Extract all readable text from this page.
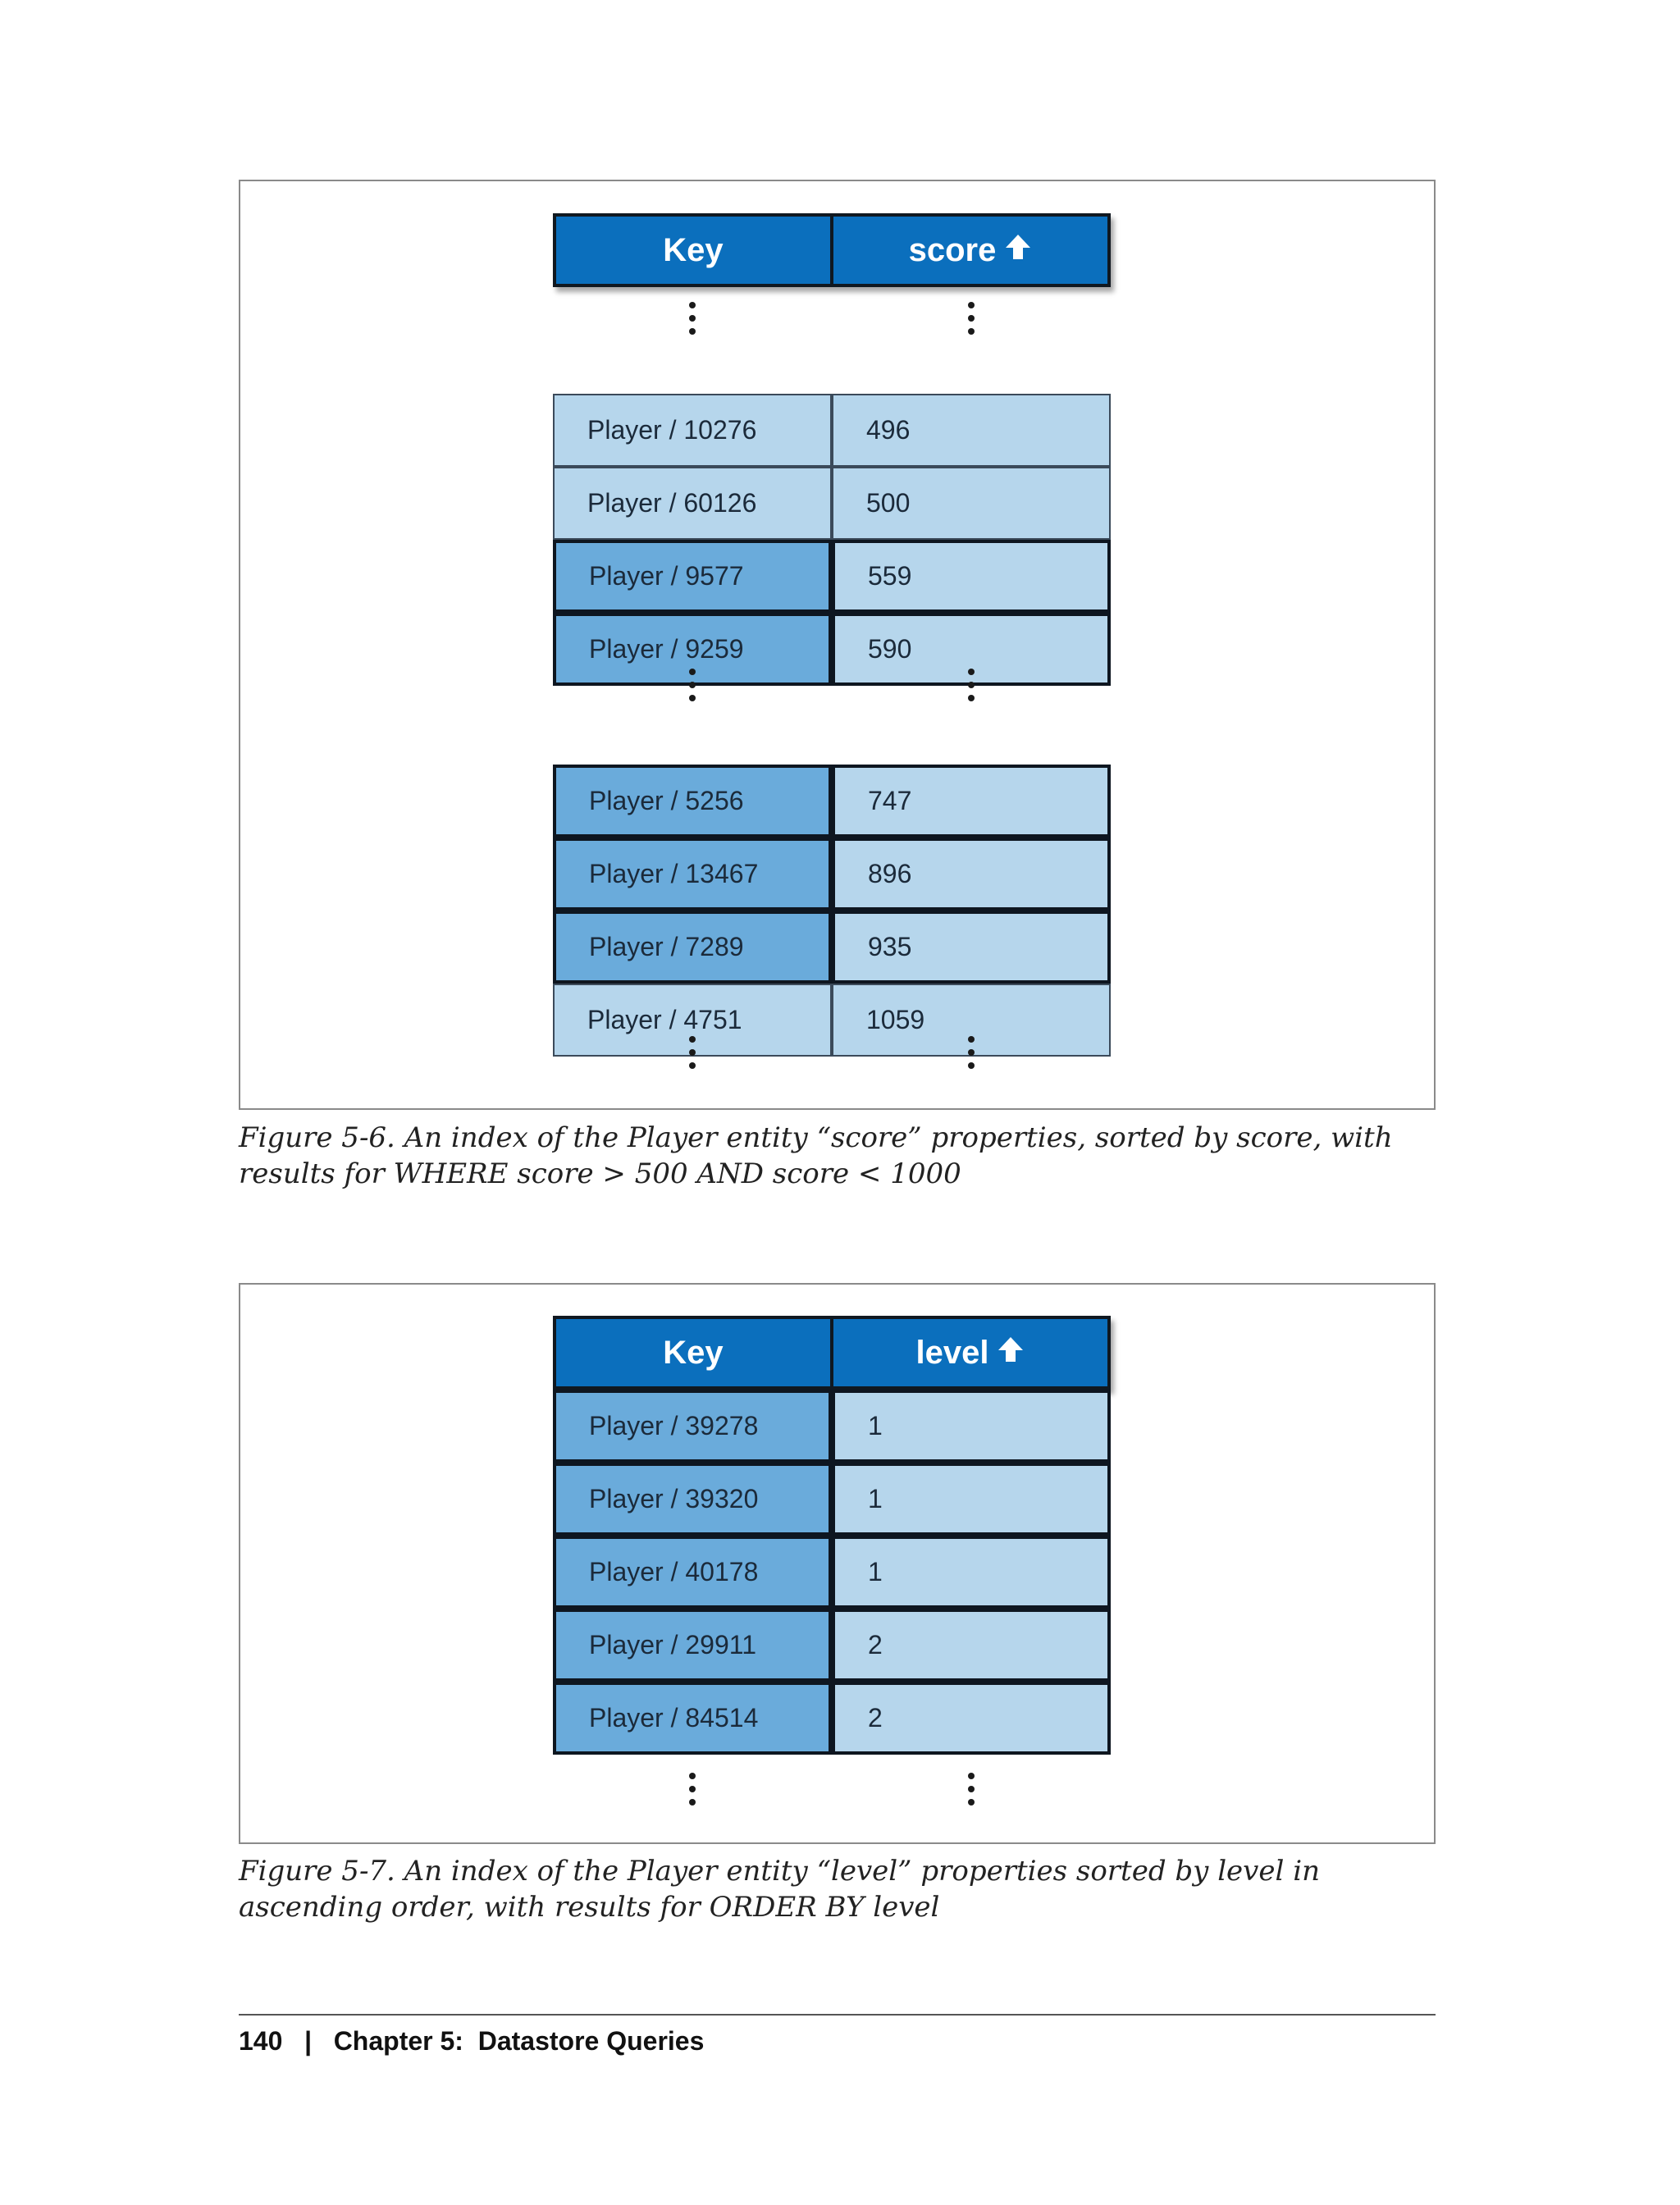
Key	score
Player / 10276	496
Player / 60126	500
Player / 9577	559
Player / 9259	590
Player / 5256	747
Player / 13467	896
Player / 7289	935
Player / 4751	1059
Figure 5-6. An index of the Player entity “score” properties, sorted by score, with results for WHERE score > 500 AND score < 1000
Key	level
Player / 39278	1
Player / 39320	1
Player / 40178	1
Player / 29911	2
Player / 84514	2
Figure 5-7. An index of the Player entity “level” properties sorted by level in ascending order, with results for ORDER BY level
140 | Chapter 5:  Datastore Queries
